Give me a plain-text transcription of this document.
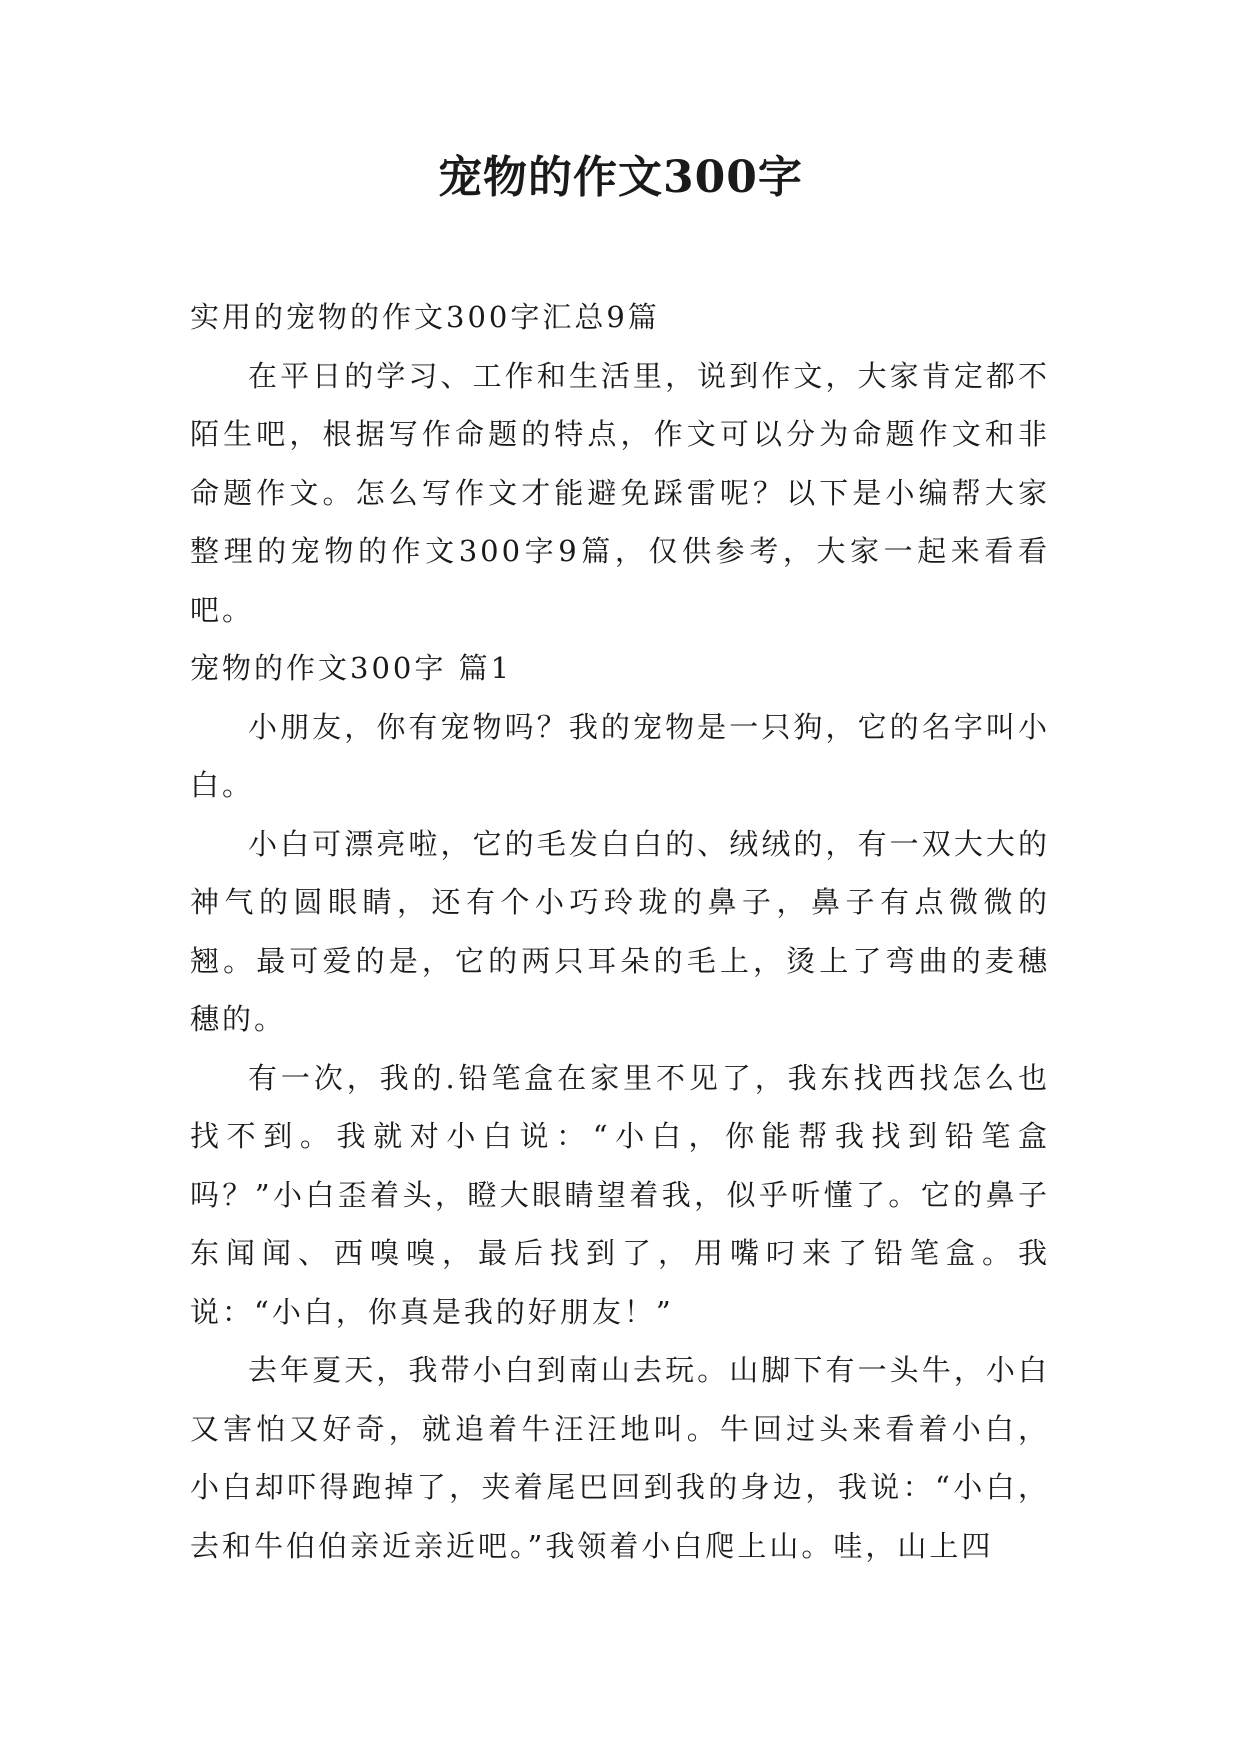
宠物的作文300字

实用的宠物的作文300字汇总9篇

在平日的学习、工作和生活里，说到作文，大家肯定都不陌生吧，根据写作命题的特点，作文可以分为命题作文和非命题作文。怎么写作文才能避免踩雷呢？以下是小编帮大家整理的宠物的作文300字9篇，仅供参考，大家一起来看看吧。

宠物的作文300字 篇1

小朋友，你有宠物吗？我的宠物是一只狗，它的名字叫小白。

小白可漂亮啦，它的毛发白白的、绒绒的，有一双大大的神气的圆眼睛，还有个小巧玲珑的鼻子，鼻子有点微微的翘。最可爱的是，它的两只耳朵的毛上，烫上了弯曲的麦穗穗的。

有一次，我的.铅笔盒在家里不见了，我东找西找怎么也找不到。我就对小白说：“小白，你能帮我找到铅笔盒吗？”小白歪着头，瞪大眼睛望着我，似乎听懂了。它的鼻子东闻闻、西嗅嗅，最后找到了，用嘴叼来了铅笔盒。我说：“小白，你真是我的好朋友！”

去年夏天，我带小白到南山去玩。山脚下有一头牛，小白又害怕又好奇，就追着牛汪汪地叫。牛回过头来看着小白，小白却吓得跑掉了，夹着尾巴回到我的身边，我说：“小白，去和牛伯伯亲近亲近吧。”我领着小白爬上山。哇，山上四
